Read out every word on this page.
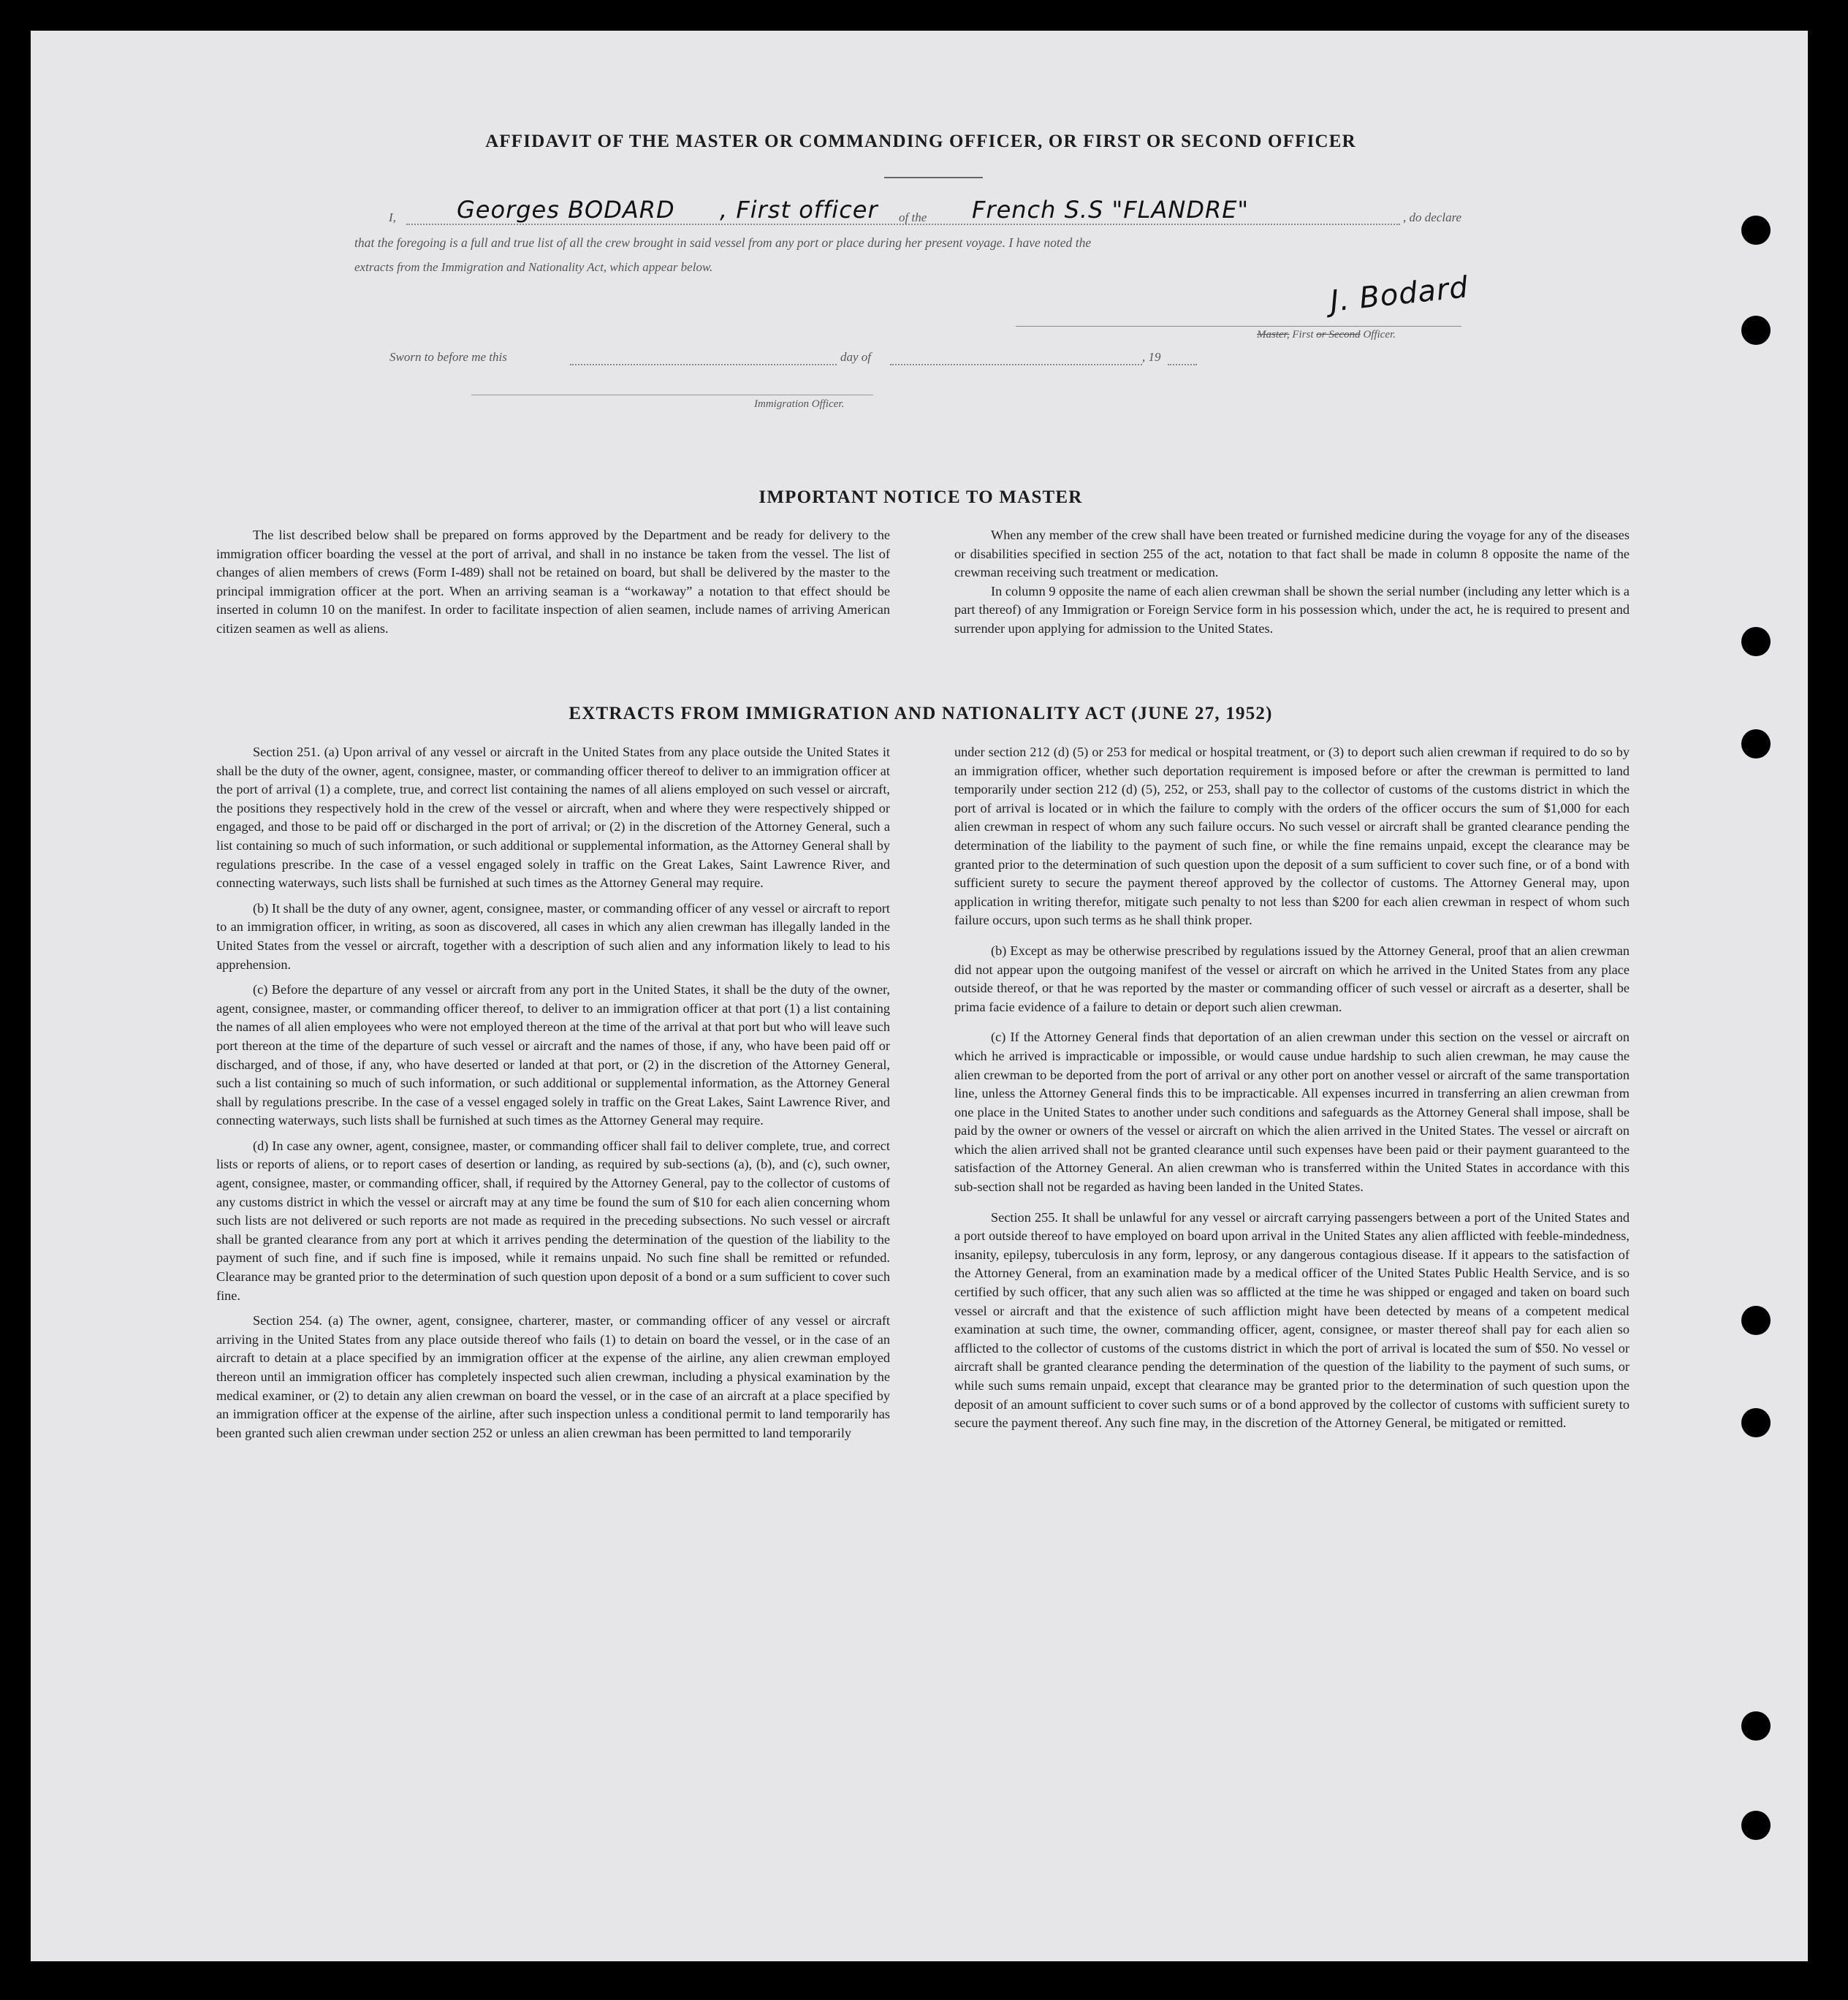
AFFIDAVIT OF THE MASTER OR COMMANDING OFFICER, OR FIRST OR SECOND OFFICER
I,	Georges BODARD , First officer of the French S.S "FLANDRE"	, do declare
that the foregoing is a full and true list of all the crew brought in said vessel from any port or place during her present voyage. I have noted the
extracts from the Immigration and Nationality Act, which appear below.
J. Bodard
Master, First or Second Officer.
Sworn to before me this	day of	, 19
Immigration Officer.
IMPORTANT NOTICE TO MASTER

The list described below shall be prepared on forms approved by the Department and be ready for delivery to the immigration officer boarding the vessel at the port of arrival, and shall in no instance be taken from the vessel. The list of changes of alien members of crews (Form I-489) shall not be retained on board, but shall be delivered by the master to the principal immigration officer at the port. When an arriving seaman is a “workaway” a notation to that effect should be inserted in column 10 on the manifest. In order to facilitate inspection of alien seamen, include names of arriving American citizen seamen as well as aliens.

When any member of the crew shall have been treated or furnished medicine during the voyage for any of the diseases or disabilities specified in section 255 of the act, notation to that fact shall be made in column 8 opposite the name of the crewman receiving such treatment or medication.

In column 9 opposite the name of each alien crewman shall be shown the serial number (including any letter which is a part thereof) of any Immigration or Foreign Service form in his possession which, under the act, he is required to present and surrender upon applying for admission to the United States.

EXTRACTS FROM IMMIGRATION AND NATIONALITY ACT (JUNE 27, 1952)

Section 251. (a) Upon arrival of any vessel or aircraft in the United States from any place outside the United States it shall be the duty of the owner, agent, consignee, master, or commanding officer thereof to deliver to an immigration officer at the port of arrival (1) a complete, true, and correct list containing the names of all aliens employed on such vessel or aircraft, the positions they respectively hold in the crew of the vessel or aircraft, when and where they were respectively shipped or engaged, and those to be paid off or discharged in the port of arrival; or (2) in the discretion of the Attorney General, such a list containing so much of such information, or such additional or supplemental information, as the Attorney General shall by regulations prescribe. In the case of a vessel engaged solely in traffic on the Great Lakes, Saint Lawrence River, and connecting waterways, such lists shall be furnished at such times as the Attorney General may require.

(b) It shall be the duty of any owner, agent, consignee, master, or commanding officer of any vessel or aircraft to report to an immigration officer, in writing, as soon as discovered, all cases in which any alien crewman has illegally landed in the United States from the vessel or aircraft, together with a description of such alien and any information likely to lead to his apprehension.

(c) Before the departure of any vessel or aircraft from any port in the United States, it shall be the duty of the owner, agent, consignee, master, or commanding officer thereof, to deliver to an immigration officer at that port (1) a list containing the names of all alien employees who were not employed thereon at the time of the arrival at that port but who will leave such port thereon at the time of the departure of such vessel or aircraft and the names of those, if any, who have been paid off or discharged, and of those, if any, who have deserted or landed at that port, or (2) in the discretion of the Attorney General, such a list containing so much of such information, or such additional or supplemental information, as the Attorney General shall by regulations prescribe. In the case of a vessel engaged solely in traffic on the Great Lakes, Saint Lawrence River, and connecting waterways, such lists shall be furnished at such times as the Attorney General may require.

(d) In case any owner, agent, consignee, master, or commanding officer shall fail to deliver complete, true, and correct lists or reports of aliens, or to report cases of desertion or landing, as required by sub-sections (a), (b), and (c), such owner, agent, consignee, master, or commanding officer, shall, if required by the Attorney General, pay to the collector of customs of any customs district in which the vessel or aircraft may at any time be found the sum of $10 for each alien concerning whom such lists are not delivered or such reports are not made as required in the preceding subsections. No such vessel or aircraft shall be granted clearance from any port at which it arrives pending the determination of the question of the liability to the payment of such fine, and if such fine is imposed, while it remains unpaid. No such fine shall be remitted or refunded. Clearance may be granted prior to the determination of such question upon deposit of a bond or a sum sufficient to cover such fine.

Section 254. (a) The owner, agent, consignee, charterer, master, or commanding officer of any vessel or aircraft arriving in the United States from any place outside thereof who fails (1) to detain on board the vessel, or in the case of an aircraft to detain at a place specified by an immigration officer at the expense of the airline, any alien crewman employed thereon until an immigration officer has completely inspected such alien crewman, including a physical examination by the medical examiner, or (2) to detain any alien crewman on board the vessel, or in the case of an aircraft at a place specified by an immigration officer at the expense of the airline, after such inspection unless a conditional permit to land temporarily has been granted such alien crewman under section 252 or unless an alien crewman has been permitted to land temporarily

under section 212 (d) (5) or 253 for medical or hospital treatment, or (3) to deport such alien crewman if required to do so by an immigration officer, whether such deportation requirement is imposed before or after the crewman is permitted to land temporarily under section 212 (d) (5), 252, or 253, shall pay to the collector of customs of the customs district in which the port of arrival is located or in which the failure to comply with the orders of the officer occurs the sum of $1,000 for each alien crewman in respect of whom any such failure occurs. No such vessel or aircraft shall be granted clearance pending the determination of the liability to the payment of such fine, or while the fine remains unpaid, except the clearance may be granted prior to the determination of such question upon the deposit of a sum sufficient to cover such fine, or of a bond with sufficient surety to secure the payment thereof approved by the collector of customs. The Attorney General may, upon application in writing therefor, mitigate such penalty to not less than $200 for each alien crewman in respect of whom such failure occurs, upon such terms as he shall think proper.

(b) Except as may be otherwise prescribed by regulations issued by the Attorney General, proof that an alien crewman did not appear upon the outgoing manifest of the vessel or aircraft on which he arrived in the United States from any place outside thereof, or that he was reported by the master or commanding officer of such vessel or aircraft as a deserter, shall be prima facie evidence of a failure to detain or deport such alien crewman.

(c) If the Attorney General finds that deportation of an alien crewman under this section on the vessel or aircraft on which he arrived is impracticable or impossible, or would cause undue hardship to such alien crewman, he may cause the alien crewman to be deported from the port of arrival or any other port on another vessel or aircraft of the same transportation line, unless the Attorney General finds this to be impracticable. All expenses incurred in transferring an alien crewman from one place in the United States to another under such conditions and safeguards as the Attorney General shall impose, shall be paid by the owner or owners of the vessel or aircraft on which the alien arrived in the United States. The vessel or aircraft on which the alien arrived shall not be granted clearance until such expenses have been paid or their payment guaranteed to the satisfaction of the Attorney General. An alien crewman who is transferred within the United States in accordance with this sub-section shall not be regarded as having been landed in the United States.

Section 255. It shall be unlawful for any vessel or aircraft carrying passengers between a port of the United States and a port outside thereof to have employed on board upon arrival in the United States any alien afflicted with feeble-mindedness, insanity, epilepsy, tuberculosis in any form, leprosy, or any dangerous contagious disease. If it appears to the satisfaction of the Attorney General, from an examination made by a medical officer of the United States Public Health Service, and is so certified by such officer, that any such alien was so afflicted at the time he was shipped or engaged and taken on board such vessel or aircraft and that the existence of such affliction might have been detected by means of a competent medical examination at such time, the owner, commanding officer, agent, consignee, or master thereof shall pay for each alien so afflicted to the collector of customs of the customs district in which the port of arrival is located the sum of $50. No vessel or aircraft shall be granted clearance pending the determination of the question of the liability to the payment of such sums, or while such sums remain unpaid, except that clearance may be granted prior to the determination of such question upon the deposit of an amount sufficient to cover such sums or of a bond approved by the collector of customs with sufficient surety to secure the payment thereof. Any such fine may, in the discretion of the Attorney General, be mitigated or remitted.
